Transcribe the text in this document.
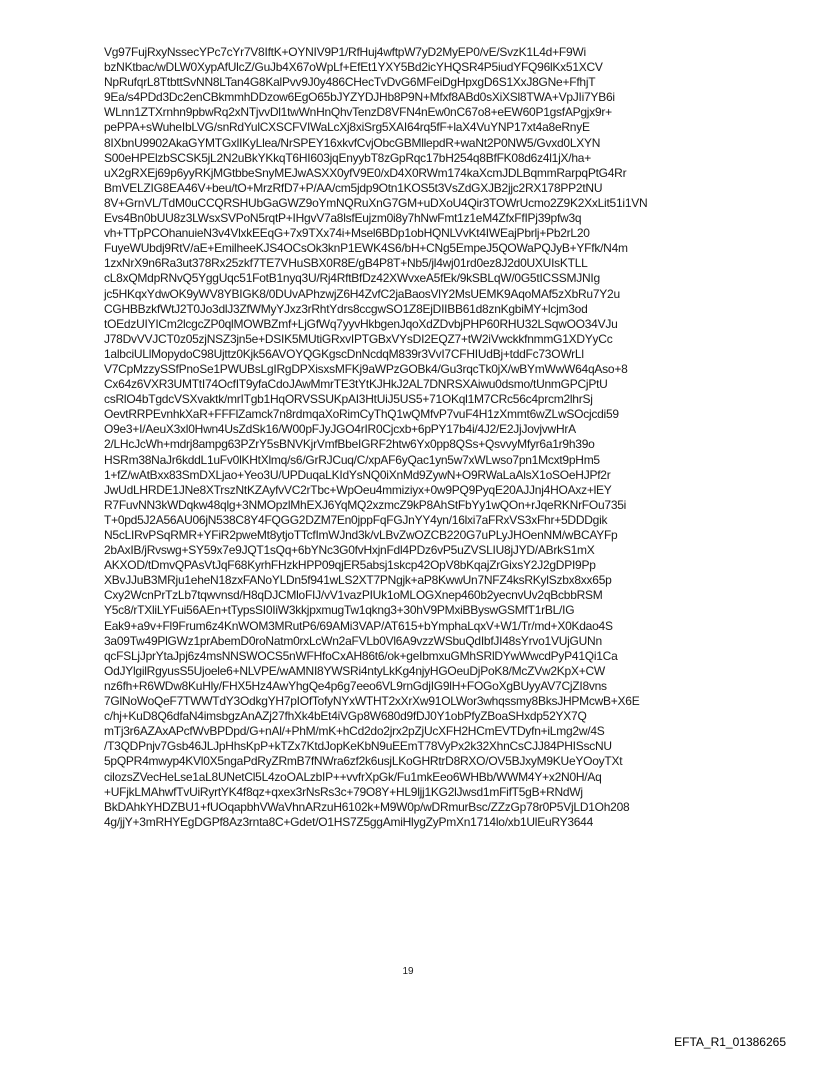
Vg97FujRxyNssecYPc7cYr7V8IftK+OYNIV9P1/RfHuj4wftpW7yD2MyEP0/vE/SvzK1L4d+F9Wi
bzNKtbac/wDLW0XypAfUlcZ/GuJb4X67oWpLf+EfEt1YXY5Bd2icYHQSR4P5iudYFQ96lKx51XCV
NpRufqrL8TtbttSvNN8LTan4G8KalPvv9J0y486CHecTvDvG6MFeiDgHpxgD6S1XxJ8GNe+FfhjT
9Ea/s4PDd3Dc2enCBkmmhDDzow6EgO65bJYZYDJHb8P9N+Mfxf8ABd0sXiXSl8TWA+VpJIi7YB6i
WLnn1ZTXrnhn9pbwRq2xNTjvvDl1twWnHnQhvTenzD8VFN4nEw0nC67o8+eEW60P1gsfAPgjx9r+
pePPA+sWuheIbLVG/snRdYulCXSCFVIWaLcXj8xiSrg5XAI64rq5fF+laX4VuYNP17xt4a8eRnyE
8IXbnU9902AkaGYMTGxlIKyLlea/NrSPEY16xkvfCvjObcGBMllepdR+waNt2P0NW5/Gvxd0LXYN
S00eHPElzbSCSK5jL2N2uBkYKkqT6HI603jqEnyybT8zGpRqc17bH254q8BfFK08d6z4l1jX/ha+
uX2gRXEj69p6yyRKjMGtbbeSnyMEJwASXX0yfV9E0/xD4X0RWm174kaXcmJDLBqmmRarpqPtG4Rr
BmVELZIG8EA46V+beu/tO+MrzRfD7+P/AA/cm5jdp9Otn1KOS5t3VsZdGXJB2jjc2RX178PP2tNU
8V+GrnVL/TdM0uCCQRSHUbGaGWZ9oYmNQRuXnG7GM+uDXoU4Qir3TOWrUcmo2Z9K2XxLit51i1VN
Evs4Bn0bUU8z3LWsxSVPoN5rqtP+IHgvV7a8lsfEujzm0i8y7hNwFmt1z1eM4ZfxFfIPj39pfw3q
vh+TTpPCOhanuieN3v4VlxkEEqG+7x9TXx74i+Msel6BDp1obHQNLVvKt4IWEajPbrlj+Pb2rL20
FuyeWUbdj9RtV/aE+EmilheeKJS4OCsOk3knP1EWK4S6/bH+CNg5EmpeJ5QOWaPQJyB+YFfk/N4m
1zxNrX9n6Ra3ut378Rx25zkf7TE7VHuSBX0R8E/gB4P8T+Nb5/jl4wj01rd0ez8J2d0UXUIsKTLL
cL8xQMdpRNvQ5YggUqc51FotB1nyq3U/Rj4RftBfDz42XWvxeA5fEk/9kSBLqW/0G5tICSSMJNIg
jc5HKqxYdwOK9yWV8YBIGK8/0DUvAPhzwjZ6H4ZvfC2jaBaosVlY2MsUEMK9AqoMAf5zXbRu7Y2u
CGHBBzkfWtJ2T0Jo3dlJ3ZfWMyYJxz3rRhtYdrs8ccgwSO1Z8EjDIIBB61d8znKgbiMY+lcjm3od
tOEdzUIYICm2lcgcZP0qlMOWBZmf+LjGfWq7yyvHkbgenJqoXdZDvbjPHP60RHU32LSqwOO34VJu
J78DvVVJCT0z05zjNSZ3jn5e+DSIK5MUtiGRxvIPTGBxVYsDI2EQZ7+tW2iVwckkfnmmG1XDYyCc
1albciULlMopydoC98Ujttz0Kjk56AVOYQGKgscDnNcdqM839r3VvI7CFHIUdBj+tddFc73OWrLl
V7CpMzzySSfPnoSe1PWUBsLgIRgDPXisxsMFKj9aWPzGOBk4/Gu3rqcTk0jX/wBYmWwW64qAso+8
Cx64z6VXR3UMTtI74OcfIT9yfaCdoJAwMmrTE3tYtKJHkJ2AL7DNRSXAiwu0dsmo/tUnmGPCjPtU
csRlO4bTgdcVSXvaktk/mrITgb1HqORVSSUKpAI3HtUiJ5US5+71OKql1M7CRc56c4prcm2lhrSj
OevtRRPEvnhkXaR+FFFlZamck7n8rdmqaXoRimCyThQ1wQMfvP7vuF4H1zXmmt6wZLwSOcjcdi59
O9e3+I/AeuX3xl0Hwn4UsZdSk16/W00pFJyJGO4rIR0Cjcxb+6pPY17b4i/4J2/E2JjJovjvwHrA
2/LHcJcWh+mdrj8ampg63PZrY5sBNVKjrVmfBbeIGRF2htw6Yx0pp8QSs+QsvvyMfyr6a1r9h39o
HSRm38NaJr6kddL1uFv0lKHtXlmq/s6/GrRJCuq/C/xpAF6yQac1yn5w7xWLwso7pn1Mcxt9pHm5
1+fZ/wAtBxx83SmDXLjao+Yeo3U/UPDuqaLKIdYsNQ0iXnMd9ZywN+O9RWaLaAlsX1oSOeHJPf2r
JwUdLHRDE1JNe8XTrszNtKZAyfvVC2rTbc+WpOeu4mmiziyx+0w9PQ9PyqE20AJJnj4HOAxz+lEY
R7FuvNN3kWDqkw48qlg+3NMOpzlMhEXJ6YqMQ2xzmcZ9kP8AhStFbYy1wQOn+rJqeRKNrFOu735i
T+0pd5J2A56AU06jN538C8Y4FQGG2DZM7En0jppFqFGJnYY4yn/16lxi7aFRxVS3xFhr+5DDDgik
N5cLIRvPSqRMR+YFiR2pweMt8ytjoTTcfImWJnd3k/vLBvZwOZCB220G7uPLyJHOenNM/wBCAYFp
2bAxIB/jRvswg+SY59x7e9JQT1sQq+6bYNc3G0fvHxjnFdl4PDz6vP5uZVSLIU8jJYD/ABrkS1mX
AKXOD/tDmvQPAsVtJqF68KyrhFHzkHPP09qjER5absj1skcp42OpV8bKqajZrGixsY2J2gDPI9Pp
XBvJJuB3MRju1eheN18zxFANoYLDn5f941wLS2XT7PNgjk+aP8KwwUn7NFZ4ksRKylSzbx8xx65p
Cxy2WcnPrTzLb7tqwvnsd/H8qDJCMloFIJ/vV1vazPIUk1oMLOGXnep460b2yecnvUv2qBcbbRSM
Y5c8/rTXliLYFui56AEn+tTypsSI0IiW3kkjpxmugTw1qkng3+30hV9PMxiBByswGSMfT1rBL/IG
Eak9+a9v+Fl9Frum6z4KnWOM3MRutP6/69AMi3VAP/AT615+bYmphaLqxV+W1/Tr/md+X0Kdao4S
3a09Tw49PlGWz1prAbemD0roNatm0rxLcWn2aFVLb0Vl6A9vzzWSbuQdIbfJI48sYrvo1VUjGUNn
qcFSLjJprYtaJpj6z4msNNSWOCS5nWFHfoCxAH86t6/ok+geIbmxuGMhSRlDYwWwcdPyP41Qi1Ca
OdJYlgilRgyusS5Ujoele6+NLVPE/wAMNI8YWSRi4ntyLkKg4njyHGOeuDjPoK8/McZVw2KpX+CW
nz6fh+R6WDw8KuHly/FHX5Hz4AwYhgQe4p6g7eeo6VL9rnGdjIG9lH+FOGoXgBUyyAV7CjZI8vns
7GlNoWoQeF7TWWTdY3OdkgYH7pIOfTofyNYxWTHT2xXrXw91OLWor3whqssmy8BksJHPMcwB+X6E
c/hj+KuD8Q6dfaN4imsbgzAnAZj27fhXk4bEt4iVGp8W680d9fDJ0Y1obPfyZBoaSHxdp52YX7Q
mTj3r6AZAxAPcfWvBPDpd/G+nAl/+PhM/mK+hCd2do2jrx2pZjUcXFH2HCmEVTDyfn+iLmg2w/4S
/T3QDPnjv7Gsb46JLJpHhsKpP+kTZx7KtdJopKeKbN9uEEmT78VyPx2k32XhnCsCJJ84PHISscNU
5pQPR4mwyp4KVl0X5ngaPdRyZRmB7fNWra6zf2k6usjLKoGHRtrD8RXO/OV5BJxyM9KUeYOoyTXt
cilozsZVecHeLse1aL8UNetCl5L4zoOALzbIP++vvfrXpGk/Fu1mkEeo6WHBb/WWM4Y+x2N0H/Aq
+UFjkLMAhwfTvUiRyrtYK4f8qz+qxex3rNsRs3c+79O8Y+HL9ljj1KG2lJwsd1mFifT5gB+RNdWj
BkDAhkYHDZBU1+fUOqapbhVWaVhnARzuH6102k+M9W0p/wDRmurBsc/ZZzGp78r0P5VjLD1Oh208
4g/jjY+3mRHYEgDGPf8Az3rnta8C+Gdet/O1HS7Z5ggAmiHlygZyPmXn1714lo/xb1UlEuRY3644
19
EFTA_R1_01386265
